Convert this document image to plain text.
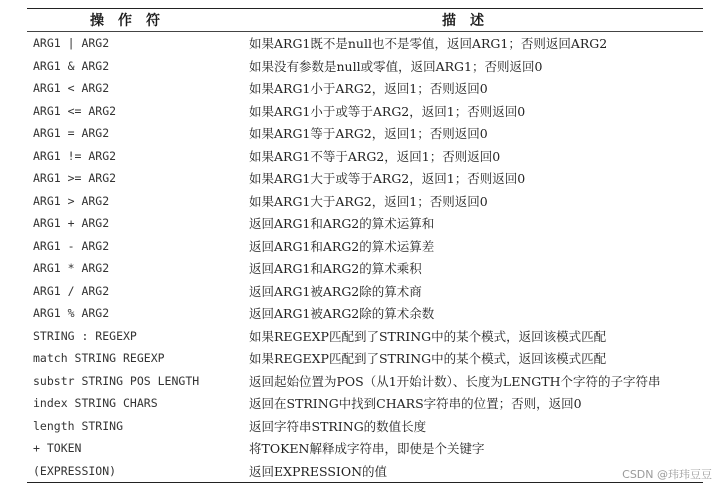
操作符	描述
ARG1 | ARG2	如果ARG1既不是null也不是零值，返回ARG1；否则返回ARG2
ARG1 & ARG2	如果没有参数是null或零值，返回ARG1；否则返回0
ARG1 < ARG2	如果ARG1小于ARG2，返回1；否则返回0
ARG1 <= ARG2	如果ARG1小于或等于ARG2，返回1；否则返回0
ARG1 = ARG2	如果ARG1等于ARG2，返回1；否则返回0
ARG1 != ARG2	如果ARG1不等于ARG2，返回1；否则返回0
ARG1 >= ARG2	如果ARG1大于或等于ARG2，返回1；否则返回0
ARG1 > ARG2	如果ARG1大于ARG2，返回1；否则返回0
ARG1 + ARG2	返回ARG1和ARG2的算术运算和
ARG1 - ARG2	返回ARG1和ARG2的算术运算差
ARG1 * ARG2	返回ARG1和ARG2的算术乘积
ARG1 / ARG2	返回ARG1被ARG2除的算术商
ARG1 % ARG2	返回ARG1被ARG2除的算术余数
STRING : REGEXP	如果REGEXP匹配到了STRING中的某个模式，返回该模式匹配
match STRING REGEXP	如果REGEXP匹配到了STRING中的某个模式，返回该模式匹配
substr STRING POS LENGTH	返回起始位置为POS（从1开始计数）、长度为LENGTH个字符的子字符串
index STRING CHARS	返回在STRING中找到CHARS字符串的位置；否则，返回0
length STRING	返回字符串STRING的数值长度
+ TOKEN	将TOKEN解释成字符串，即使是个关键字
(EXPRESSION)	返回EXPRESSION的值	CSDN @玮玮豆豆
